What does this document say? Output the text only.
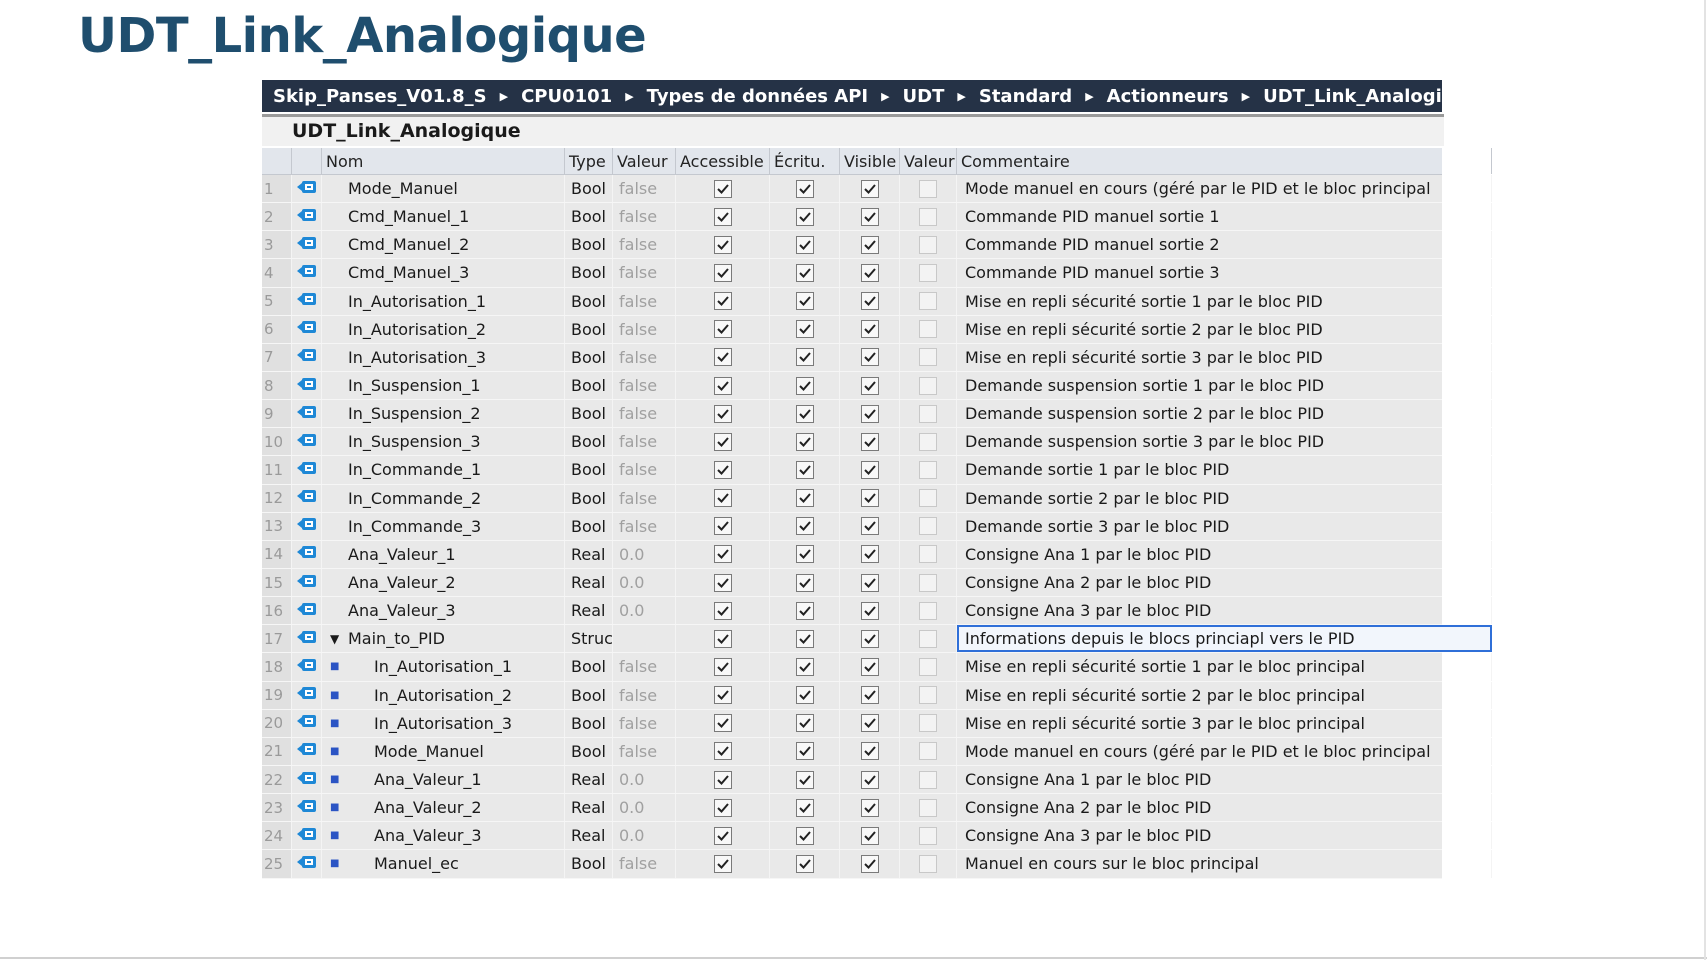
UDT_Link_Analogique
Skip_Panses_V01.8_S	▶ CPU0101	▶ Types de données API	▶ UDT	▶ Standard	▶ Actionneurs	▶ UDT_Link_Analogique
UDT_Link_Analogique
Nom	Type Valeur Accessible Écritu.	Visible Valeur Commentaire
1	Mode_Manuel	Bool false	Mode manuel en cours (géré par le PID et le bloc principal
2	Cmd_Manuel_1	Bool false	Commande PID manuel sortie 1
3	Cmd_Manuel_2	Bool false	Commande PID manuel sortie 2
4	Cmd_Manuel_3	Bool false	Commande PID manuel sortie 3
5	In_Autorisation_1	Bool false	Mise en repli sécurité sortie 1 par le bloc PID
6	In_Autorisation_2	Bool false	Mise en repli sécurité sortie 2 par le bloc PID
7	In_Autorisation_3	Bool false	Mise en repli sécurité sortie 3 par le bloc PID
8	In_Suspension_1	Bool false	Demande suspension sortie 1 par le bloc PID
9	In_Suspension_2	Bool false	Demande suspension sortie 2 par le bloc PID
10	In_Suspension_3	Bool false	Demande suspension sortie 3 par le bloc PID
11	In_Commande_1	Bool false	Demande sortie 1 par le bloc PID
12	In_Commande_2	Bool false	Demande sortie 2 par le bloc PID
13	In_Commande_3	Bool false	Demande sortie 3 par le bloc PID
14	Ana_Valeur_1	Real 0.0	Consigne Ana 1 par le bloc PID
15	Ana_Valeur_2	Real 0.0	Consigne Ana 2 par le bloc PID
16	Ana_Valeur_3	Real 0.0	Consigne Ana 3 par le bloc PID
17	▼ Main_to_PID	Struc	Informations depuis le blocs princiapl vers le PID
18	■	In_Autorisation_1	Bool false	Mise en repli sécurité sortie 1 par le bloc principal
19	■	In_Autorisation_2	Bool false	Mise en repli sécurité sortie 2 par le bloc principal
20	■	In_Autorisation_3	Bool false	Mise en repli sécurité sortie 3 par le bloc principal
21	■	Mode_Manuel	Bool false	Mode manuel en cours (géré par le PID et le bloc principal
22	■	Ana_Valeur_1	Real 0.0	Consigne Ana 1 par le bloc PID
23	■	Ana_Valeur_2	Real 0.0	Consigne Ana 2 par le bloc PID
24	■	Ana_Valeur_3	Real 0.0	Consigne Ana 3 par le bloc PID
25	■	Manuel_ec	Bool false	Manuel en cours sur le bloc principal
